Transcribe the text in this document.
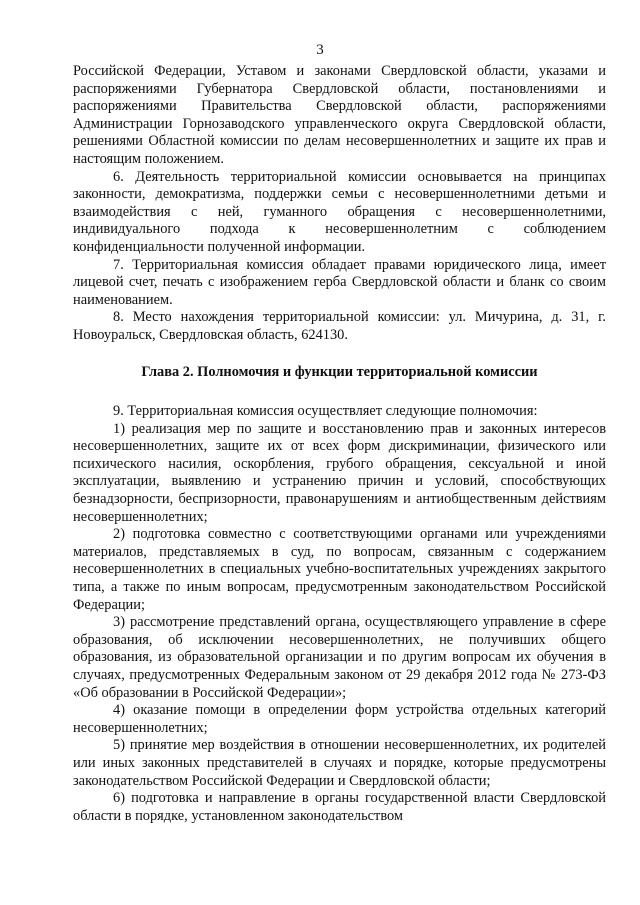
3

Российской Федерации, Уставом и законами Свердловской области, указами и распоряжениями Губернатора Свердловской области, постановлениями и распоряжениями Правительства Свердловской области, распоряжениями Администрации Горнозаводского управленческого округа Свердловской области, решениями Областной комиссии по делам несовершеннолетних и защите их прав и настоящим положением.

6. Деятельность территориальной комиссии основывается на принципах законности, демократизма, поддержки семьи с несовершеннолетними детьми и взаимодействия с ней, гуманного обращения с несовершеннолетними, индивидуального подхода к несовершеннолетним с соблюдением конфиденциальности полученной информации.

7. Территориальная комиссия обладает правами юридического лица, имеет лицевой счет, печать с изображением герба Свердловской области и бланк со своим наименованием.

8. Место нахождения территориальной комиссии: ул. Мичурина, д. 31, г. Новоуральск, Свердловская область, 624130.

Глава 2. Полномочия и функции территориальной комиссии

9. Территориальная комиссия осуществляет следующие полномочия:

1) реализация мер по защите и восстановлению прав и законных интересов несовершеннолетних, защите их от всех форм дискриминации, физического или психического насилия, оскорбления, грубого обращения, сексуальной и иной эксплуатации, выявлению и устранению причин и условий, способствующих безнадзорности, беспризорности, правонарушениям и антиобщественным действиям несовершеннолетних;

2) подготовка совместно с соответствующими органами или учреждениями материалов, представляемых в суд, по вопросам, связанным с содержанием несовершеннолетних в специальных учебно-воспитательных учреждениях закрытого типа, а также по иным вопросам, предусмотренным законодательством Российской Федерации;

3) рассмотрение представлений органа, осуществляющего управление в сфере образования, об исключении несовершеннолетних, не получивших общего образования, из образовательной организации и по другим вопросам их обучения в случаях, предусмотренных Федеральным законом от 29 декабря 2012 года № 273-ФЗ «Об образовании в Российской Федерации»;

4) оказание помощи в определении форм устройства отдельных категорий несовершеннолетних;

5) принятие мер воздействия в отношении несовершеннолетних, их родителей или иных законных представителей в случаях и порядке, которые предусмотрены законодательством Российской Федерации и Свердловской области;

6) подготовка и направление в органы государственной власти Свердловской области в порядке, установленном законодательством
